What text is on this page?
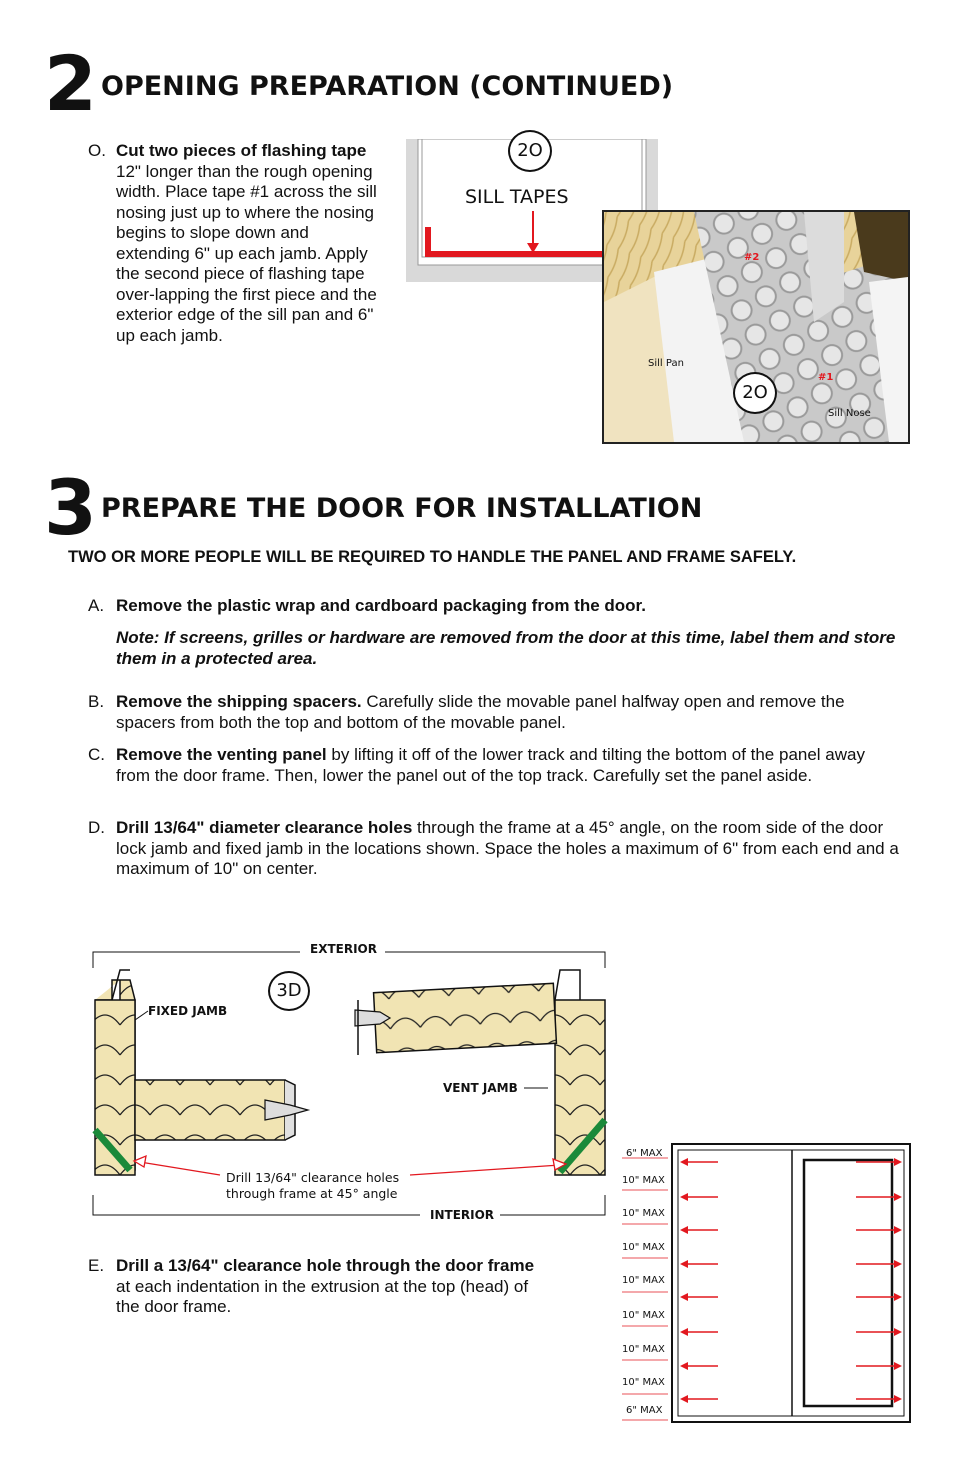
2 OPENING PREPARATION (CONTINUED)
O. Cut two pieces of flashing tape 12" longer than the rough opening width. Place tape #1 across the sill nosing just up to where the nosing begins to slope down and extending 6" up each jamb. Apply the second piece of flashing tape over-lapping the first piece and the exterior edge of the sill pan and 6" up each jamb.
2O
SILL TAPES
#2
#1
Sill Pan
Sill Nose
2O
3 PREPARE THE DOOR FOR INSTALLATION
TWO OR MORE PEOPLE WILL BE REQUIRED TO HANDLE THE PANEL AND FRAME SAFELY.
A. Remove the plastic wrap and cardboard packaging from the door.
Note: If screens, grilles or hardware are removed from the door at this time, label them and store them in a protected area.
B. Remove the shipping spacers. Carefully slide the movable panel halfway open and remove the spacers from both the top and bottom of the movable panel.
C. Remove the venting panel by lifting it off of the lower track and tilting the bottom of the panel away from the door frame. Then, lower the panel out of the top track. Carefully set the panel aside.
D. Drill 13/64" diameter clearance holes through the frame at a 45° angle, on the room side of the door lock jamb and fixed jamb in the locations shown. Space the holes a maximum of 6" from each end and a maximum of 10" on center.
EXTERIOR
INTERIOR
FIXED JAMB
VENT JAMB
Drill 13/64" clearance holes
through frame at 45° angle
3D
E. Drill a 13/64" clearance hole through the door frame at each indentation in the extrusion at the top (head) of the door frame.
6" MAX
10" MAX
10" MAX
10" MAX
10" MAX
10" MAX
10" MAX
10" MAX
6" MAX
